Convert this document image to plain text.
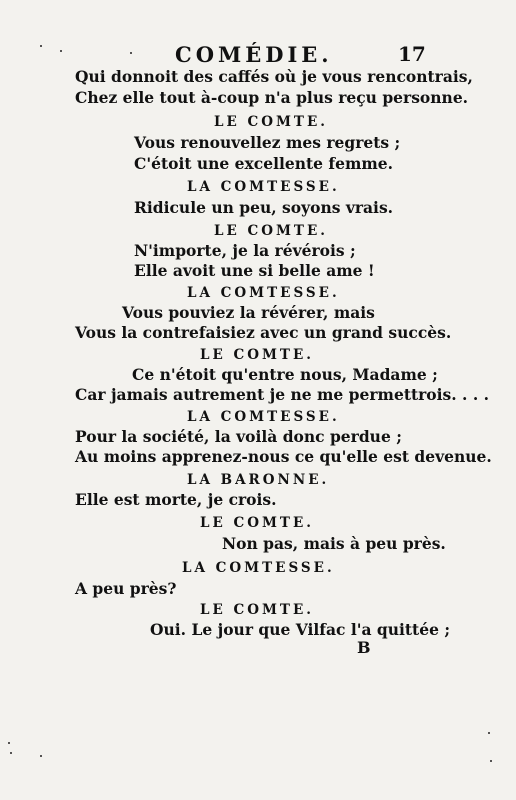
COMÉDIE.	17
Qui donnoit des caffés où je vous rencontrais,
Chez elle tout à-coup n'a plus reçu personne.
LE COMTE.
Vous renouvellez mes regrets ;
C'étoit une excellente femme.
LA COMTESSE.
Ridicule un peu, soyons vrais.
LE COMTE.
N'importe, je la révérois ;
Elle avoit une si belle ame !
LA COMTESSE.
Vous pouviez la révérer, mais
Vous la contrefaisiez avec un grand succès.
LE COMTE.
Ce n'étoit qu'entre nous, Madame ;
Car jamais autrement je ne me permettrois. . . .
LA COMTESSE.
Pour la société, la voilà donc perdue ;
Au moins apprenez-nous ce qu'elle est devenue.
LA BARONNE.
Elle est morte, je crois.
LE COMTE.
Non pas, mais à peu près.
LA COMTESSE.
A peu près?
LE COMTE.
Oui. Le jour que Vilfac l'a quittée ;
B
